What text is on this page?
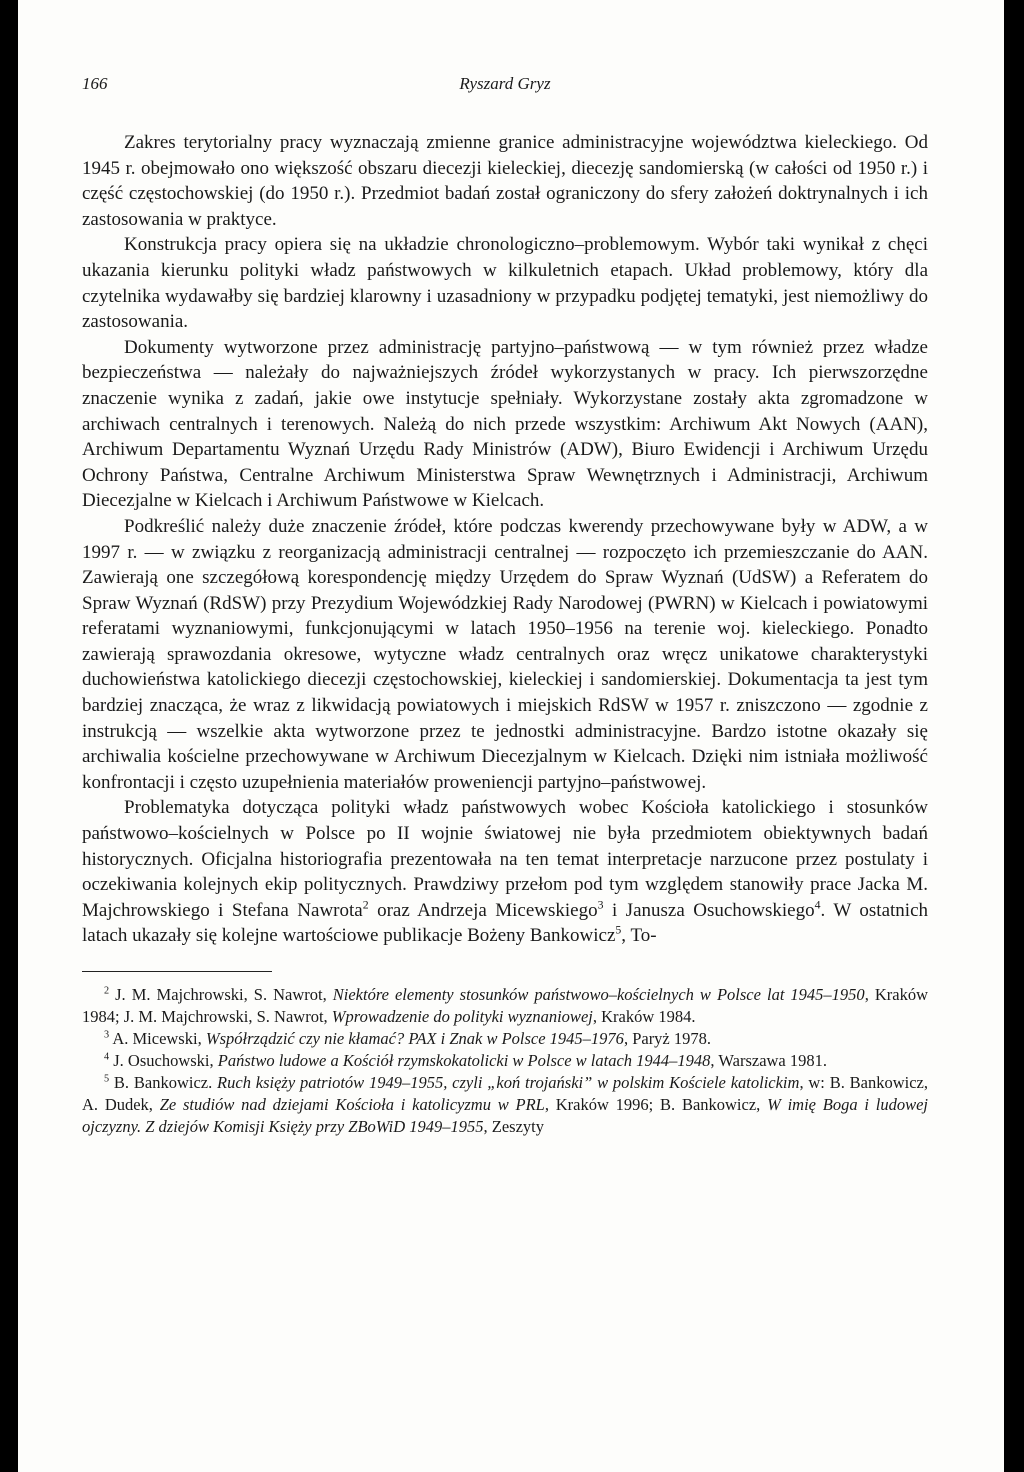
166	Ryszard Gryz

Zakres terytorialny pracy wyznaczają zmienne granice administracyjne województwa kieleckiego. Od 1945 r. obejmowało ono większość obszaru diecezji kieleckiej, diecezję sandomierską (w całości od 1950 r.) i część częstochowskiej (do 1950 r.). Przedmiot badań został ograniczony do sfery założeń doktrynalnych i ich zastosowania w praktyce.

Konstrukcja pracy opiera się na układzie chronologiczno–problemowym. Wybór taki wynikał z chęci ukazania kierunku polityki władz państwowych w kilkuletnich etapach. Układ problemowy, który dla czytelnika wydawałby się bardziej klarowny i uzasadniony w przypadku podjętej tematyki, jest niemożliwy do zastosowania.

Dokumenty wytworzone przez administrację partyjno–państwową — w tym również przez władze bezpieczeństwa — należały do najważniejszych źródeł wykorzystanych w pracy. Ich pierwszorzędne znaczenie wynika z zadań, jakie owe instytucje spełniały. Wykorzystane zostały akta zgromadzone w archiwach centralnych i terenowych. Należą do nich przede wszystkim: Archiwum Akt Nowych (AAN), Archiwum Departamentu Wyznań Urzędu Rady Ministrów (ADW), Biuro Ewidencji i Archiwum Urzędu Ochrony Państwa, Centralne Archiwum Ministerstwa Spraw Wewnętrznych i Administracji, Archiwum Diecezjalne w Kielcach i Archiwum Państwowe w Kielcach.

Podkreślić należy duże znaczenie źródeł, które podczas kwerendy przechowywane były w ADW, a w 1997 r. — w związku z reorganizacją administracji centralnej — rozpoczęto ich przemieszczanie do AAN. Zawierają one szczegółową korespondencję między Urzędem do Spraw Wyznań (UdSW) a Referatem do Spraw Wyznań (RdSW) przy Prezydium Wojewódzkiej Rady Narodowej (PWRN) w Kielcach i powiatowymi referatami wyznaniowymi, funkcjonującymi w latach 1950–1956 na terenie woj. kieleckiego. Ponadto zawierają sprawozdania okresowe, wytyczne władz centralnych oraz wręcz unikatowe charakterystyki duchowieństwa katolickiego diecezji częstochowskiej, kieleckiej i sandomierskiej. Dokumentacja ta jest tym bardziej znacząca, że wraz z likwidacją powiatowych i miejskich RdSW w 1957 r. zniszczono — zgodnie z instrukcją — wszelkie akta wytworzone przez te jednostki administracyjne. Bardzo istotne okazały się archiwalia kościelne przechowywane w Archiwum Diecezjalnym w Kielcach. Dzięki nim istniała możliwość konfrontacji i często uzupełnienia materiałów proweniencji partyjno–państwowej.

Problematyka dotycząca polityki władz państwowych wobec Kościoła katolickiego i stosunków państwowo–kościelnych w Polsce po II wojnie światowej nie była przedmiotem obiektywnych badań historycznych. Oficjalna historiografia prezentowała na ten temat interpretacje narzucone przez postulaty i oczekiwania kolejnych ekip politycznych. Prawdziwy przełom pod tym względem stanowiły prace Jacka M. Majchrowskiego i Stefana Nawrota$^2$ oraz Andrzeja Micewskiego$^3$ i Janusza Osuchowskiego$^4$. W ostatnich latach ukazały się kolejne wartościowe publikacje Bożeny Bankowicz$^5$, To-

$^2$ J. M. Majchrowski, S. Nawrot, Niektóre elementy stosunków państwowo–kościelnych w Polsce lat 1945–1950, Kraków 1984; J. M. Majchrowski, S. Nawrot, Wprowadzenie do polityki wyznaniowej, Kraków 1984.

$^3$ A. Micewski, Współrządzić czy nie kłamać? PAX i Znak w Polsce 1945–1976, Paryż 1978.

$^4$ J. Osuchowski, Państwo ludowe a Kościół rzymskokatolicki w Polsce w latach 1944–1948, Warszawa 1981.

$^5$ B. Bankowicz. Ruch księży patriotów 1949–1955, czyli „koń trojański” w polskim Kościele katolickim, w: B. Bankowicz, A. Dudek, Ze studiów nad dziejami Kościoła i katolicyzmu w PRL, Kraków 1996; B. Bankowicz, W imię Boga i ludowej ojczyzny. Z dziejów Komisji Księży przy ZBoWiD 1949–1955, Zeszyty
